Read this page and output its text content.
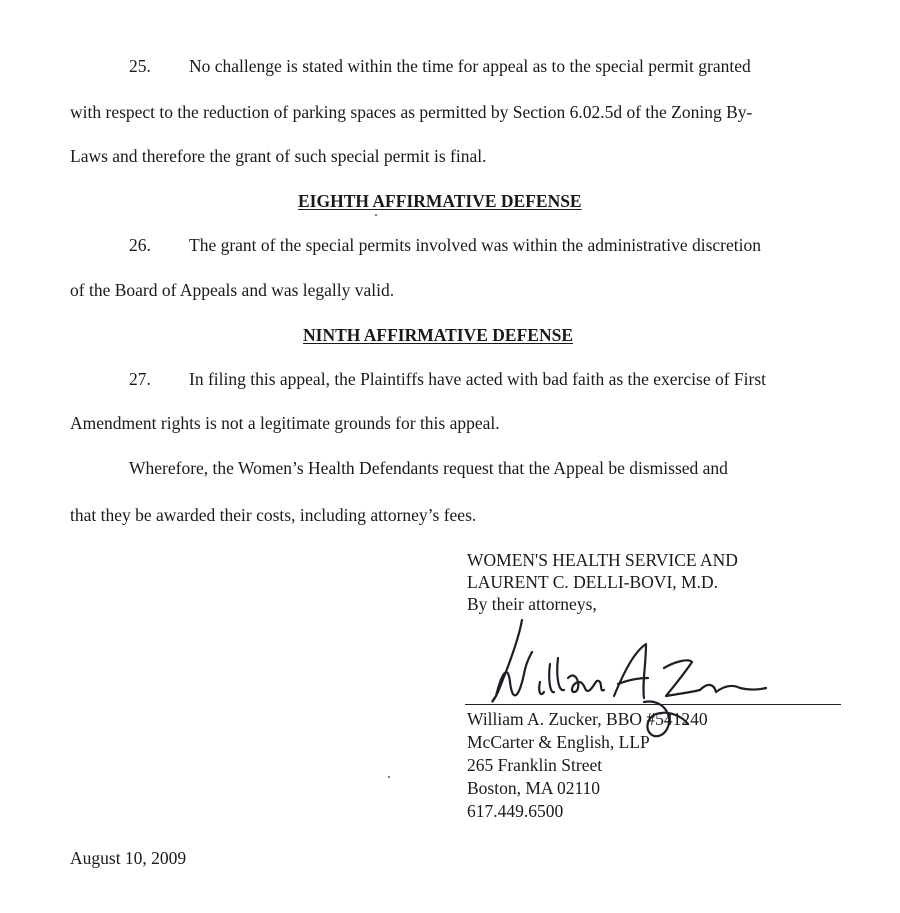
25. No challenge is stated within the time for appeal as to the special permit granted
with respect to the reduction of parking spaces as permitted by Section 6.02.5d of the Zoning By-
Laws and therefore the grant of such special permit is final.
EIGHTH AFFIRMATIVE DEFENSE
26. The grant of the special permits involved was within the administrative discretion
of the Board of Appeals and was legally valid.
NINTH AFFIRMATIVE DEFENSE
27. In filing this appeal, the Plaintiffs have acted with bad faith as the exercise of First
Amendment rights is not a legitimate grounds for this appeal.
Wherefore, the Women’s Health Defendants request that the Appeal be dismissed and
that they be awarded their costs, including attorney’s fees.
WOMEN'S HEALTH SERVICE AND
LAURENT C. DELLI-BOVI, M.D.
By their attorneys,
William A. Zucker, BBO #541240
McCarter & English, LLP
265 Franklin Street
Boston, MA 02110
617.449.6500
August 10, 2009
